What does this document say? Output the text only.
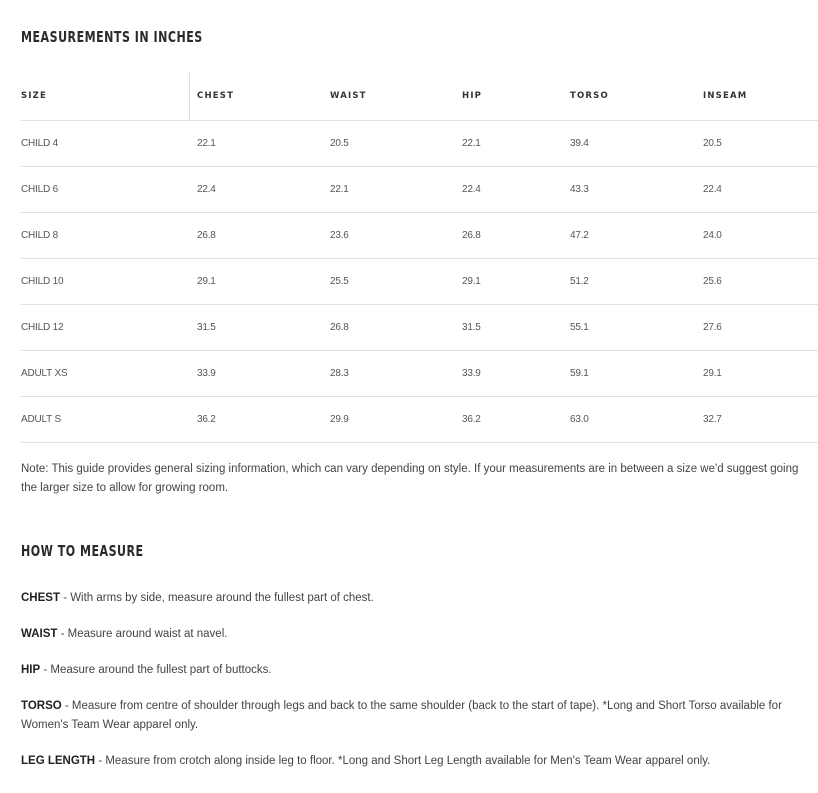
MEASUREMENTS IN INCHES
SIZE	CHEST	WAIST	HIP	TORSO	INSEAM
CHILD 4	22.1	20.5	22.1	39.4	20.5
CHILD 6	22.4	22.1	22.4	43.3	22.4
CHILD 8	26.8	23.6	26.8	47.2	24.0
CHILD 10	29.1	25.5	29.1	51.2	25.6
CHILD 12	31.5	26.8	31.5	55.1	27.6
ADULT XS	33.9	28.3	33.9	59.1	29.1
ADULT S	36.2	29.9	36.2	63.0	32.7
Note: This guide provides general sizing information, which can vary depending on style. If your measurements are in between a size we'd suggest going the larger size to allow for growing room.
HOW TO MEASURE
CHEST - With arms by side, measure around the fullest part of chest.
WAIST - Measure around waist at navel.
HIP - Measure around the fullest part of buttocks.
TORSO - Measure from centre of shoulder through legs and back to the same shoulder (back to the start of tape). *Long and Short Torso available for Women's Team Wear apparel only.
LEG LENGTH - Measure from crotch along inside leg to floor. *Long and Short Leg Length available for Men's Team Wear apparel only.
